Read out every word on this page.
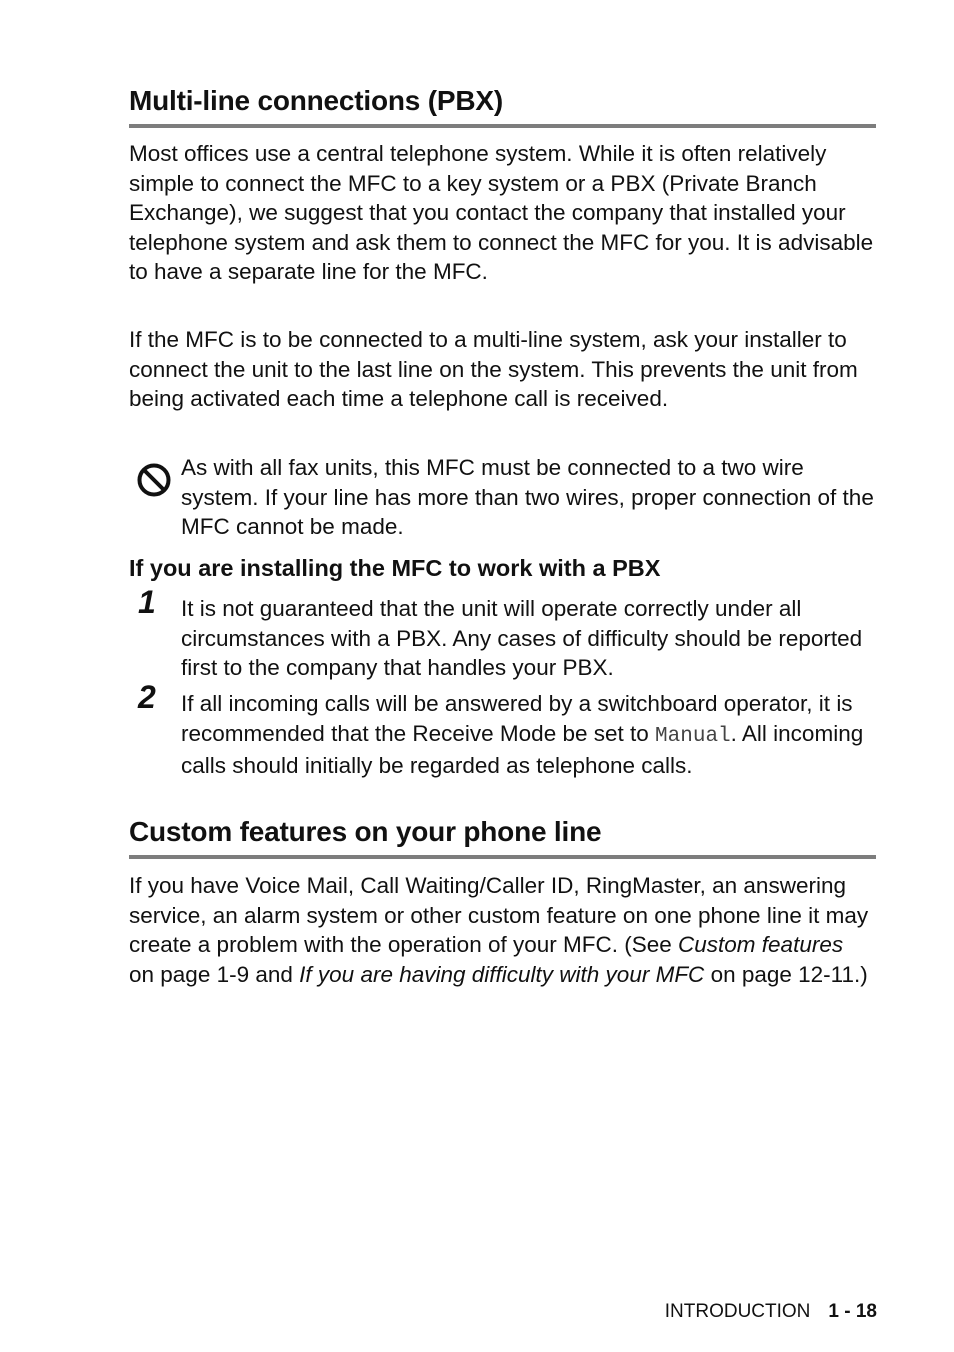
Multi-line connections (PBX)

Most offices use a central telephone system. While it is often relatively simple to connect the MFC to a key system or a PBX (Private Branch Exchange), we suggest that you contact the company that installed your telephone system and ask them to connect the MFC for you. It is advisable to have a separate line for the MFC.

If the MFC is to be connected to a multi-line system, ask your installer to connect the unit to the last line on the system. This prevents the unit from being activated each time a telephone call is received.

As with all fax units, this MFC must be connected to a two wire system. If your line has more than two wires, proper connection of the MFC cannot be made.
If you are installing the MFC to work with a PBX
1 It is not guaranteed that the unit will operate correctly under all circumstances with a PBX. Any cases of difficulty should be reported first to the company that handles your PBX.
2 If all incoming calls will be answered by a switchboard operator, it is recommended that the Receive Mode be set to Manual. All incoming calls should initially be regarded as telephone calls.
Custom features on your phone line

If you have Voice Mail, Call Waiting/Caller ID, RingMaster, an answering service, an alarm system or other custom feature on one phone line it may create a problem with the operation of your MFC. (See Custom features on page 1-9 and If you are having difficulty with your MFC on page 12-11.)

INTRODUCTION 1 - 18
